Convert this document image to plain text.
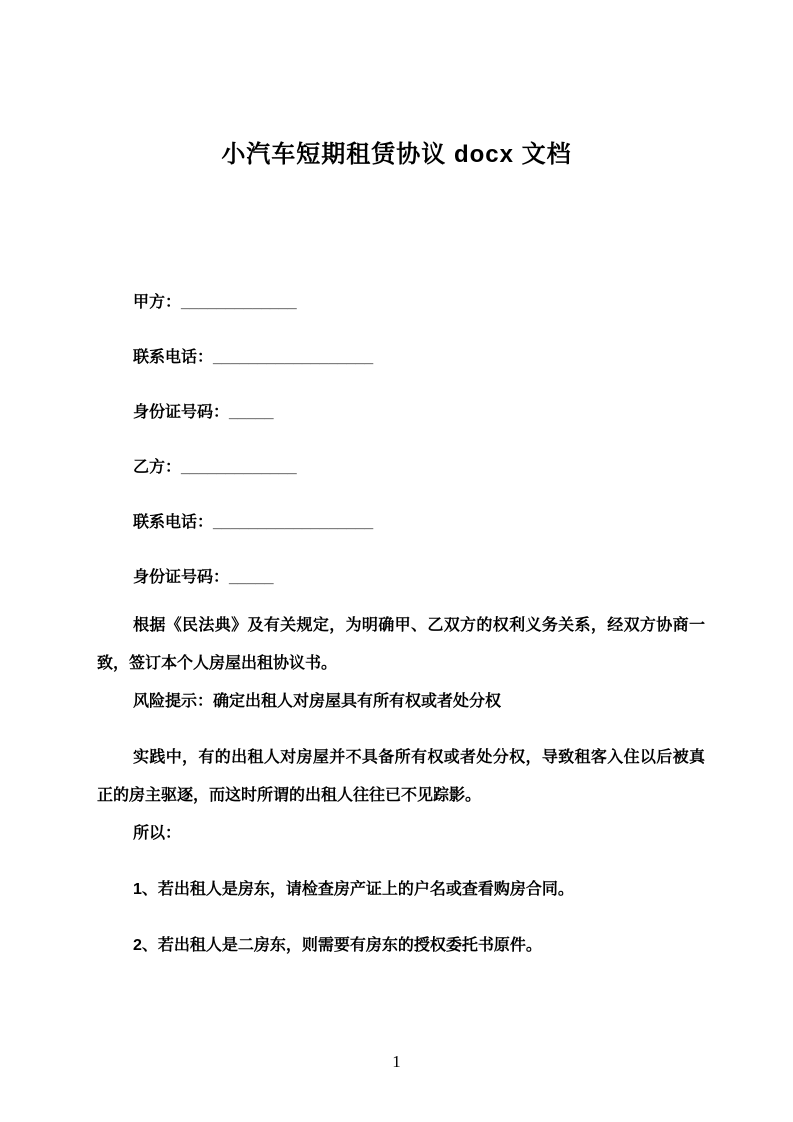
小汽车短期租赁协议 docx 文档
甲方：_____________
联系电话：__________________
身份证号码：_____
乙方：_____________
联系电话：__________________
身份证号码：_____

根据《民法典》及有关规定，为明确甲、乙双方的权利义务关系，经双方协商一致，签订本个人房屋出租协议书。

风险提示：确定出租人对房屋具有所有权或者处分权

实践中，有的出租人对房屋并不具备所有权或者处分权，导致租客入住以后被真正的房主驱逐，而这时所谓的出租人往往已不见踪影。

所以：

1、若出租人是房东，请检查房产证上的户名或查看购房合同。

2、若出租人是二房东，则需要有房东的授权委托书原件。

1
